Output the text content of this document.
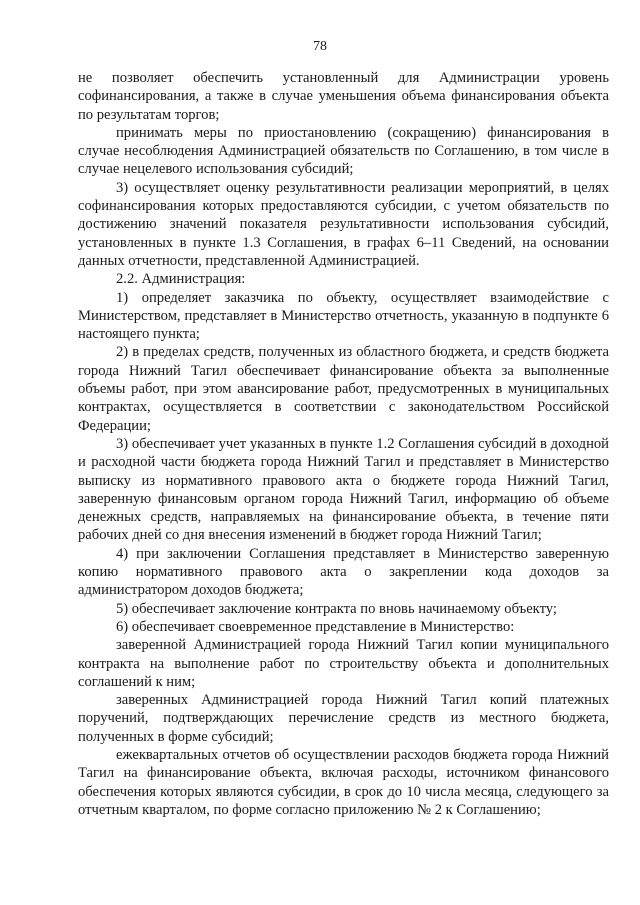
78

не позволяет обеспечить установленный для Администрации уровень софинансирования, а также в случае уменьшения объема финансирования объекта по результатам торгов;

принимать меры по приостановлению (сокращению) финансирования в случае несоблюдения Администрацией обязательств по Соглашению, в том числе в случае нецелевого использования субсидий;

3) осуществляет оценку результативности реализации мероприятий, в целях софинансирования которых предоставляются субсидии, с учетом обязательств по достижению значений показателя результативности использования субсидий, установленных в пункте 1.3 Соглашения, в графах 6–11 Сведений, на основании данных отчетности, представленной Администрацией.

2.2. Администрация:

1) определяет заказчика по объекту, осуществляет взаимодействие с Министерством, представляет в Министерство отчетность, указанную в подпункте 6 настоящего пункта;

2) в пределах средств, полученных из областного бюджета, и средств бюджета города Нижний Тагил обеспечивает финансирование объекта за выполненные объемы работ, при этом авансирование работ, предусмотренных в муниципальных контрактах, осуществляется в соответствии с законодательством Российской Федерации;

3) обеспечивает учет указанных в пункте 1.2 Соглашения субсидий в доходной и расходной части бюджета города Нижний Тагил и представляет в Министерство выписку из нормативного правового акта о бюджете города Нижний Тагил, заверенную финансовым органом города Нижний Тагил, информацию об объеме денежных средств, направляемых на финансирование объекта, в течение пяти рабочих дней со дня внесения изменений в бюджет города Нижний Тагил;

4) при заключении Соглашения представляет в Министерство заверенную копию нормативного правового акта о закреплении кода доходов за администратором доходов бюджета;

5) обеспечивает заключение контракта по вновь начинаемому объекту;

6) обеспечивает своевременное представление в Министерство:

заверенной Администрацией города Нижний Тагил копии муниципального контракта на выполнение работ по строительству объекта и дополнительных соглашений к ним;

заверенных Администрацией города Нижний Тагил копий платежных поручений, подтверждающих перечисление средств из местного бюджета, полученных в форме субсидий;

ежеквартальных отчетов об осуществлении расходов бюджета города Нижний Тагил на финансирование объекта, включая расходы, источником финансового обеспечения которых являются субсидии, в срок до 10 числа месяца, следующего за отчетным кварталом, по форме согласно приложению № 2 к Соглашению;
